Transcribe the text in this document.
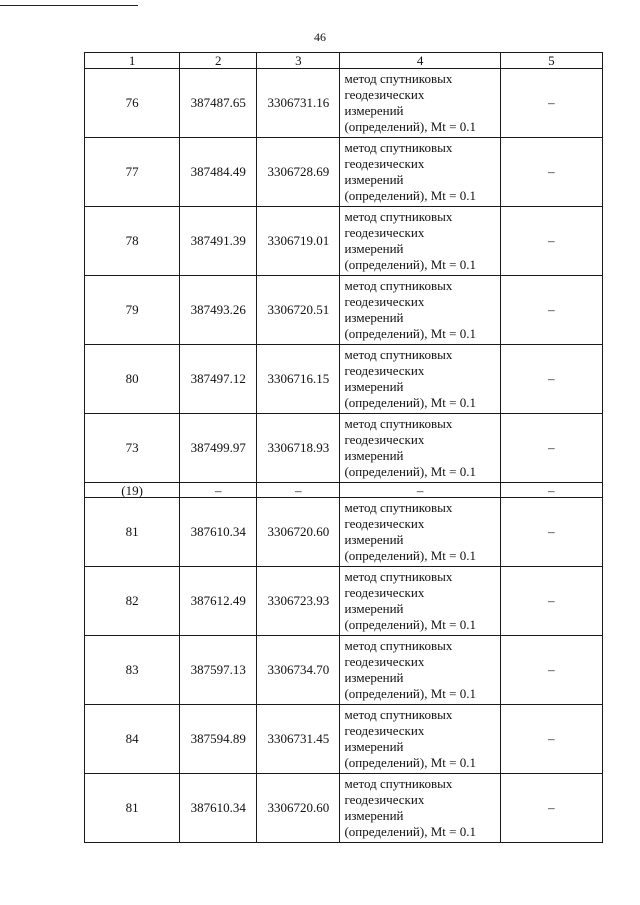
46
1	2	3	4	5
76	387487.65	3306731.16	метод спутниковых
геодезических
измерений
(определений), Mt = 0.1	–
77	387484.49	3306728.69	метод спутниковых
геодезических
измерений
(определений), Mt = 0.1	–
78	387491.39	3306719.01	метод спутниковых
геодезических
измерений
(определений), Mt = 0.1	–
79	387493.26	3306720.51	метод спутниковых
геодезических
измерений
(определений), Mt = 0.1	–
80	387497.12	3306716.15	метод спутниковых
геодезических
измерений
(определений), Mt = 0.1	–
73	387499.97	3306718.93	метод спутниковых
геодезических
измерений
(определений), Mt = 0.1	–
(19)	–	–	–	–
81	387610.34	3306720.60	метод спутниковых
геодезических
измерений
(определений), Mt = 0.1	–
82	387612.49	3306723.93	метод спутниковых
геодезических
измерений
(определений), Mt = 0.1	–
83	387597.13	3306734.70	метод спутниковых
геодезических
измерений
(определений), Mt = 0.1	–
84	387594.89	3306731.45	метод спутниковых
геодезических
измерений
(определений), Mt = 0.1	–
81	387610.34	3306720.60	метод спутниковых
геодезических
измерений
(определений), Mt = 0.1	–
